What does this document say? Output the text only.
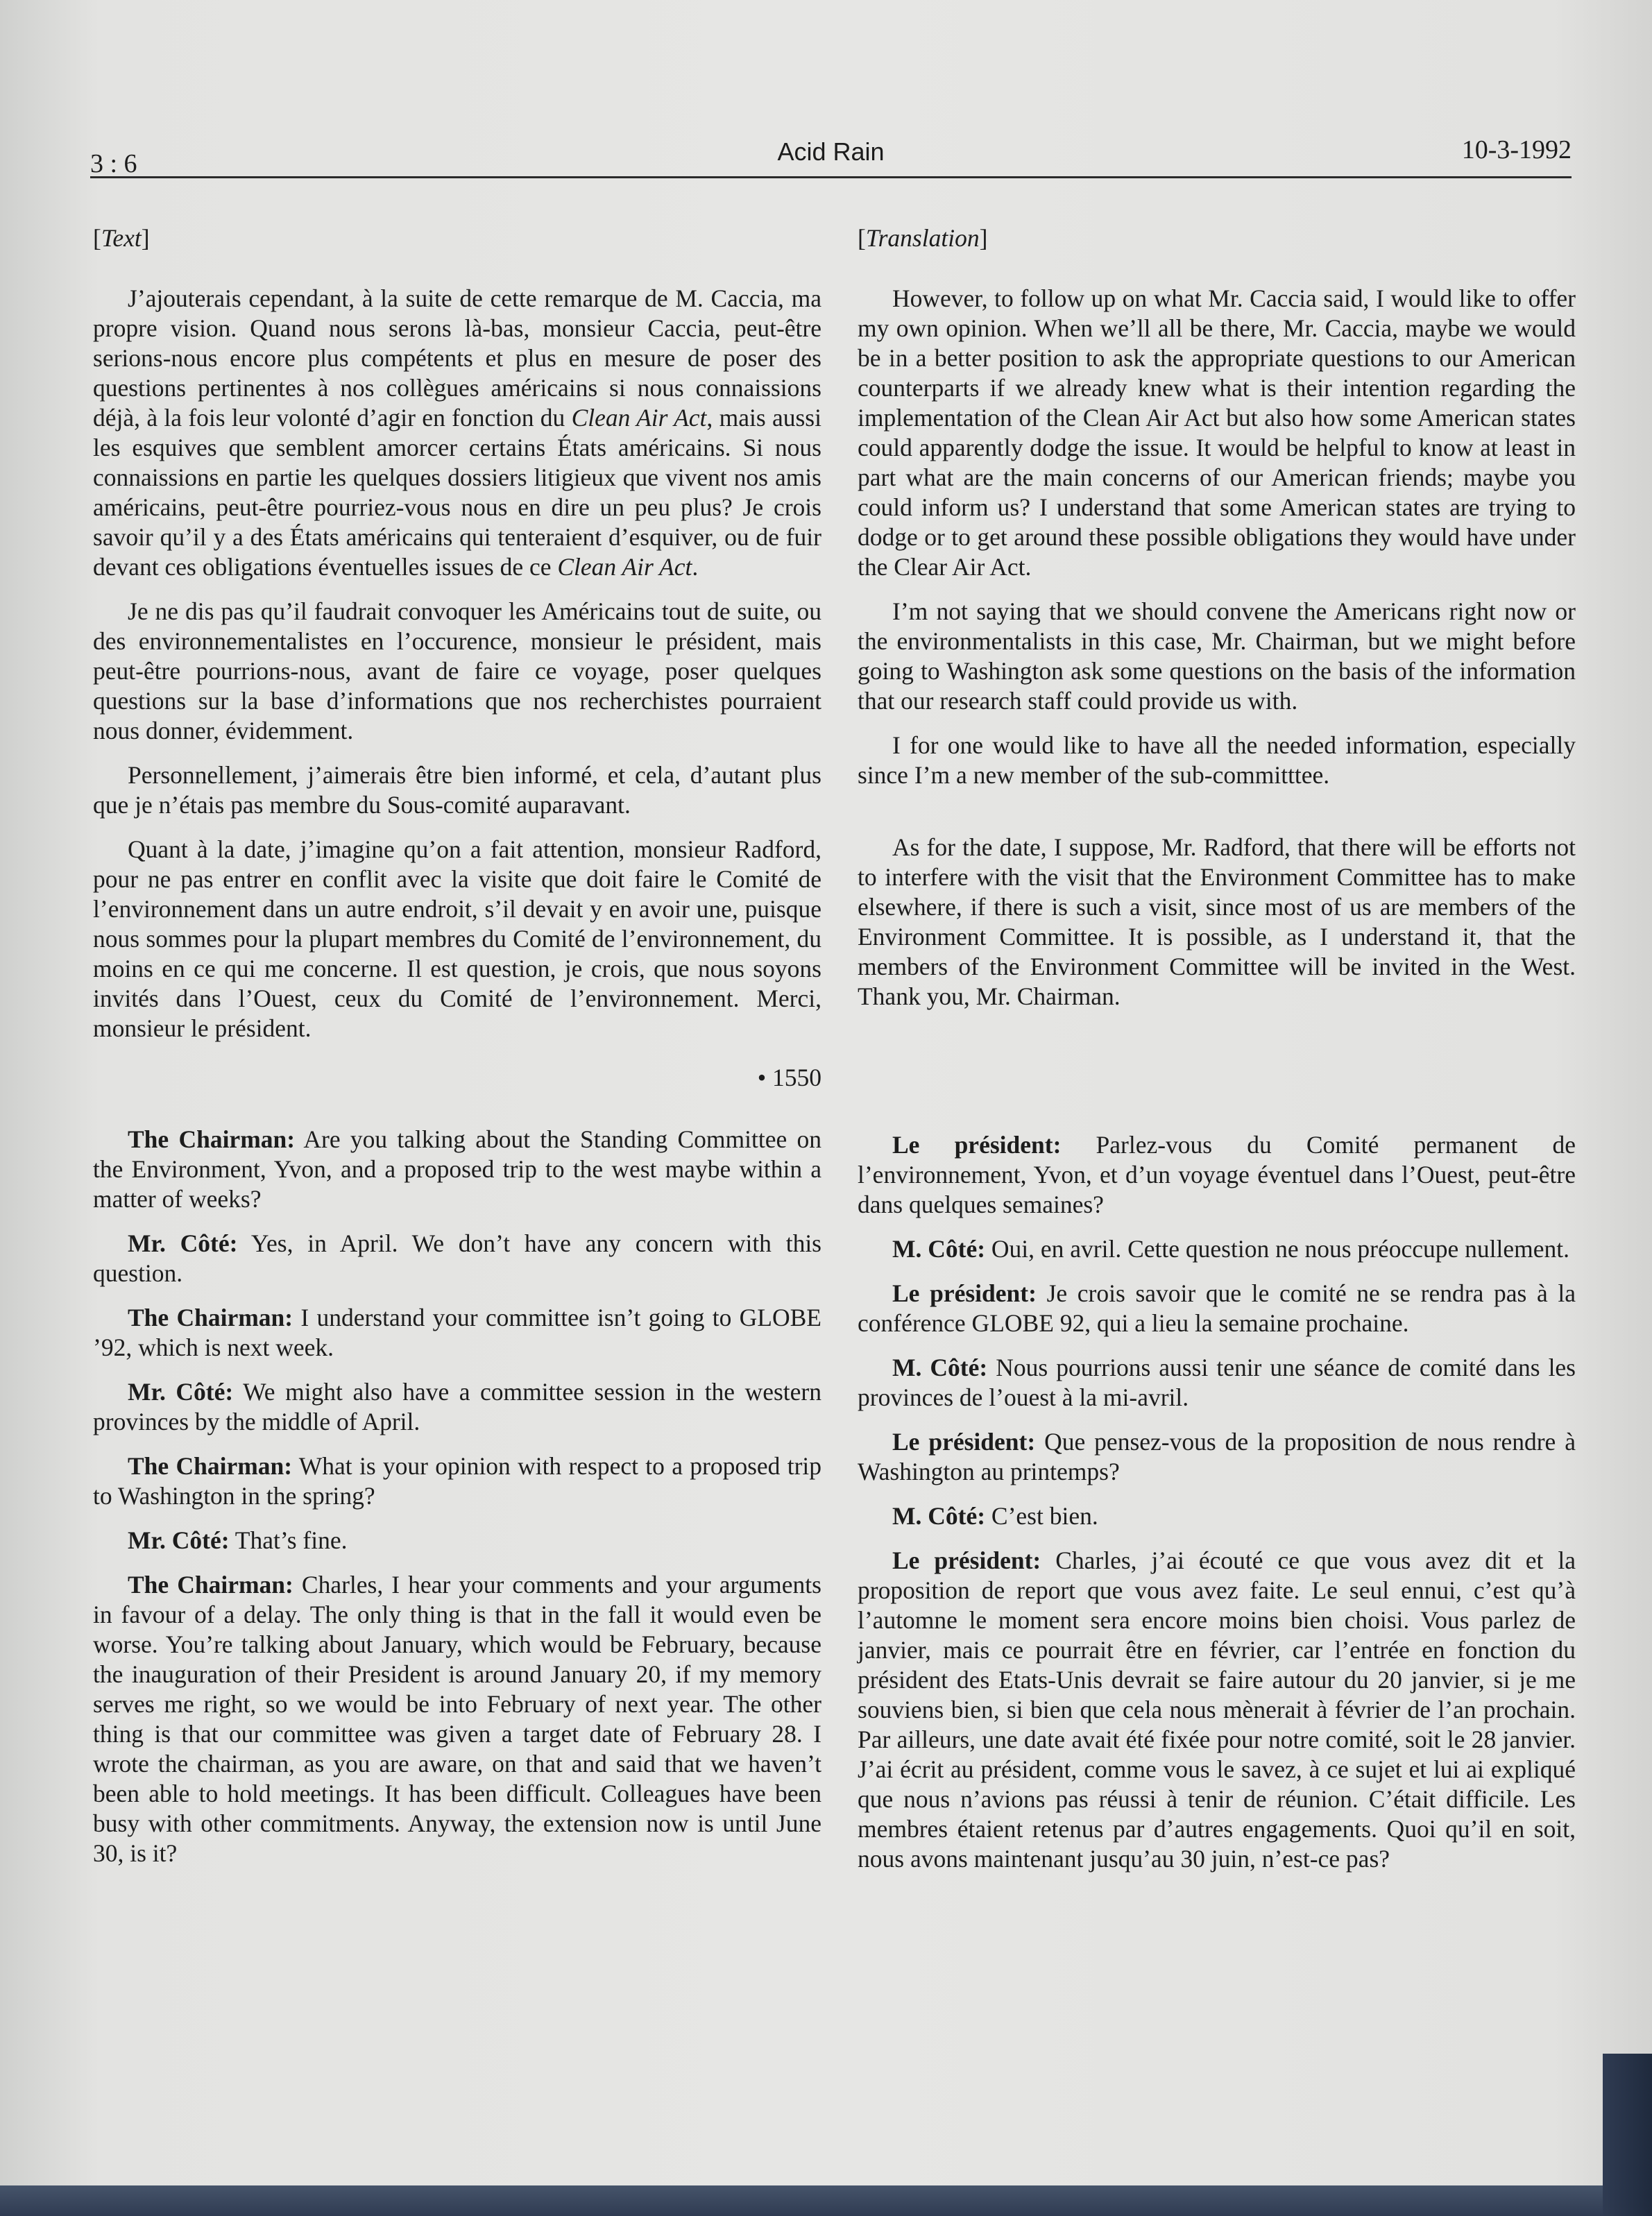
3 : 6	Acid Rain	10-3-1992

[Text]

J’ajouterais cependant, à la suite de cette remarque de M. Caccia, ma propre vision. Quand nous serons là-bas, monsieur Caccia, peut-être serions-nous encore plus compétents et plus en mesure de poser des questions pertinentes à nos collègues américains si nous connaissions déjà, à la fois leur volonté d’agir en fonction du Clean Air Act, mais aussi les esquives que semblent amorcer certains États américains. Si nous connaissions en partie les quelques dossiers litigieux que vivent nos amis américains, peut-être pourriez-vous nous en dire un peu plus? Je crois savoir qu’il y a des États américains qui tenteraient d’esquiver, ou de fuir devant ces obligations éventuelles issues de ce Clean Air Act.

Je ne dis pas qu’il faudrait convoquer les Américains tout de suite, ou des environnementalistes en l’occurence, monsieur le président, mais peut-être pourrions-nous, avant de faire ce voyage, poser quelques questions sur la base d’informations que nos recherchistes pourraient nous donner, évidemment.

Personnellement, j’aimerais être bien informé, et cela, d’autant plus que je n’étais pas membre du Sous-comité auparavant.

Quant à la date, j’imagine qu’on a fait attention, monsieur Radford, pour ne pas entrer en conflit avec la visite que doit faire le Comité de l’environnement dans un autre endroit, s’il devait y en avoir une, puisque nous sommes pour la plupart membres du Comité de l’environnement, du moins en ce qui me concerne. Il est question, je crois, que nous soyons invités dans l’Ouest, ceux du Comité de l’environnement. Merci, monsieur le président.

• 1550

The Chairman: Are you talking about the Standing Committee on the Environment, Yvon, and a proposed trip to the west maybe within a matter of weeks?

Mr. Côté: Yes, in April. We don’t have any concern with this question.

The Chairman: I understand your committee isn’t going to GLOBE ’92, which is next week.

Mr. Côté: We might also have a committee session in the western provinces by the middle of April.

The Chairman: What is your opinion with respect to a proposed trip to Washington in the spring?

Mr. Côté: That’s fine.

The Chairman: Charles, I hear your comments and your arguments in favour of a delay. The only thing is that in the fall it would even be worse. You’re talking about January, which would be February, because the inauguration of their President is around January 20, if my memory serves me right, so we would be into February of next year. The other thing is that our committee was given a target date of February 28. I wrote the chairman, as you are aware, on that and said that we haven’t been able to hold meetings. It has been difficult. Colleagues have been busy with other commitments. Anyway, the extension now is until June 30, is it?

[Translation]

However, to follow up on what Mr. Caccia said, I would like to offer my own opinion. When we’ll all be there, Mr. Caccia, maybe we would be in a better position to ask the appropriate questions to our American counterparts if we already knew what is their intention regarding the implementation of the Clean Air Act but also how some American states could apparently dodge the issue. It would be helpful to know at least in part what are the main concerns of our American friends; maybe you could inform us? I understand that some American states are trying to dodge or to get around these possible obligations they would have under the Clear Air Act.

I’m not saying that we should convene the Americans right now or the environmentalists in this case, Mr. Chairman, but we might before going to Washington ask some questions on the basis of the information that our research staff could provide us with.

I for one would like to have all the needed information, especially since I’m a new member of the sub-committtee.

As for the date, I suppose, Mr. Radford, that there will be efforts not to interfere with the visit that the Environment Committee has to make elsewhere, if there is such a visit, since most of us are members of the Environment Committee. It is possible, as I understand it, that the members of the Environment Committee will be invited in the West. Thank you, Mr. Chairman.

Le président: Parlez-vous du Comité permanent de l’environnement, Yvon, et d’un voyage éventuel dans l’Ouest, peut-être dans quelques semaines?

M. Côté: Oui, en avril. Cette question ne nous préoccupe nullement.

Le président: Je crois savoir que le comité ne se rendra pas à la conférence GLOBE 92, qui a lieu la semaine prochaine.

M. Côté: Nous pourrions aussi tenir une séance de comité dans les provinces de l’ouest à la mi-avril.

Le président: Que pensez-vous de la proposition de nous rendre à Washington au printemps?

M. Côté: C’est bien.

Le président: Charles, j’ai écouté ce que vous avez dit et la proposition de report que vous avez faite. Le seul ennui, c’est qu’à l’automne le moment sera encore moins bien choisi. Vous parlez de janvier, mais ce pourrait être en février, car l’entrée en fonction du président des Etats-Unis devrait se faire autour du 20 janvier, si je me souviens bien, si bien que cela nous mènerait à février de l’an prochain. Par ailleurs, une date avait été fixée pour notre comité, soit le 28 janvier. J’ai écrit au président, comme vous le savez, à ce sujet et lui ai expliqué que nous n’avions pas réussi à tenir de réunion. C’était difficile. Les membres étaient retenus par d’autres engagements. Quoi qu’il en soit, nous avons maintenant jusqu’au 30 juin, n’est-ce pas?
